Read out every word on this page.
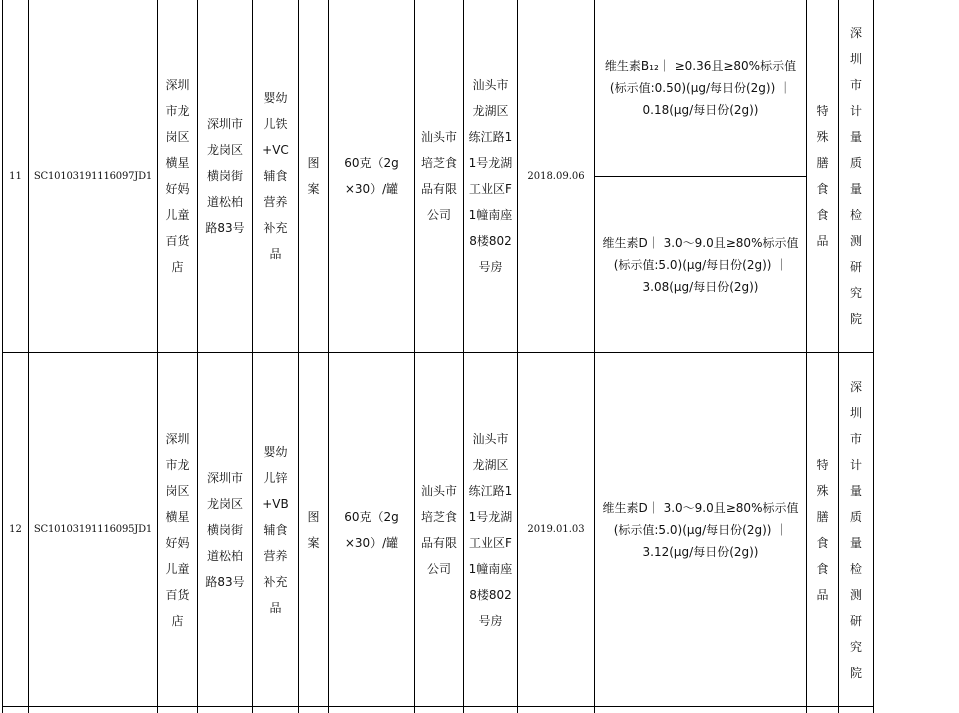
11	SC10103191116097JD1
深圳市龙岗区横星好妈儿童百货店
深圳市龙岗区横岗街道松柏路83号
婴幼儿铁+VC辅食营养补充品
图案
60克（2g×30）/罐
汕头市培芝食品有限公司
汕头市龙湖区练江路11号龙湖工业区F1幢南座8楼802号房
2018.09.06
维生素B₁₂｜ ≥0.36且≥80%标示值(标示值:0.50)(μg/每日份(2g)) ｜ 0.18(μg/每日份(2g))
维生素D｜ 3.0～9.0且≥80%标示值(标示值:5.0)(μg/每日份(2g)) ｜ 3.08(μg/每日份(2g))
特殊膳食食品
深圳市计量质量检测研究院
12	SC10103191116095JD1
深圳市龙岗区横星好妈儿童百货店
深圳市龙岗区横岗街道松柏路83号
婴幼儿锌+VB辅食营养补充品
图案
60克（2g×30）/罐
汕头市培芝食品有限公司
汕头市龙湖区练江路11号龙湖工业区F1幢南座8楼802号房
2019.01.03
维生素D｜ 3.0～9.0且≥80%标示值(标示值:5.0)(μg/每日份(2g)) ｜ 3.12(μg/每日份(2g))
特殊膳食食品
深圳市计量质量检测研究院
